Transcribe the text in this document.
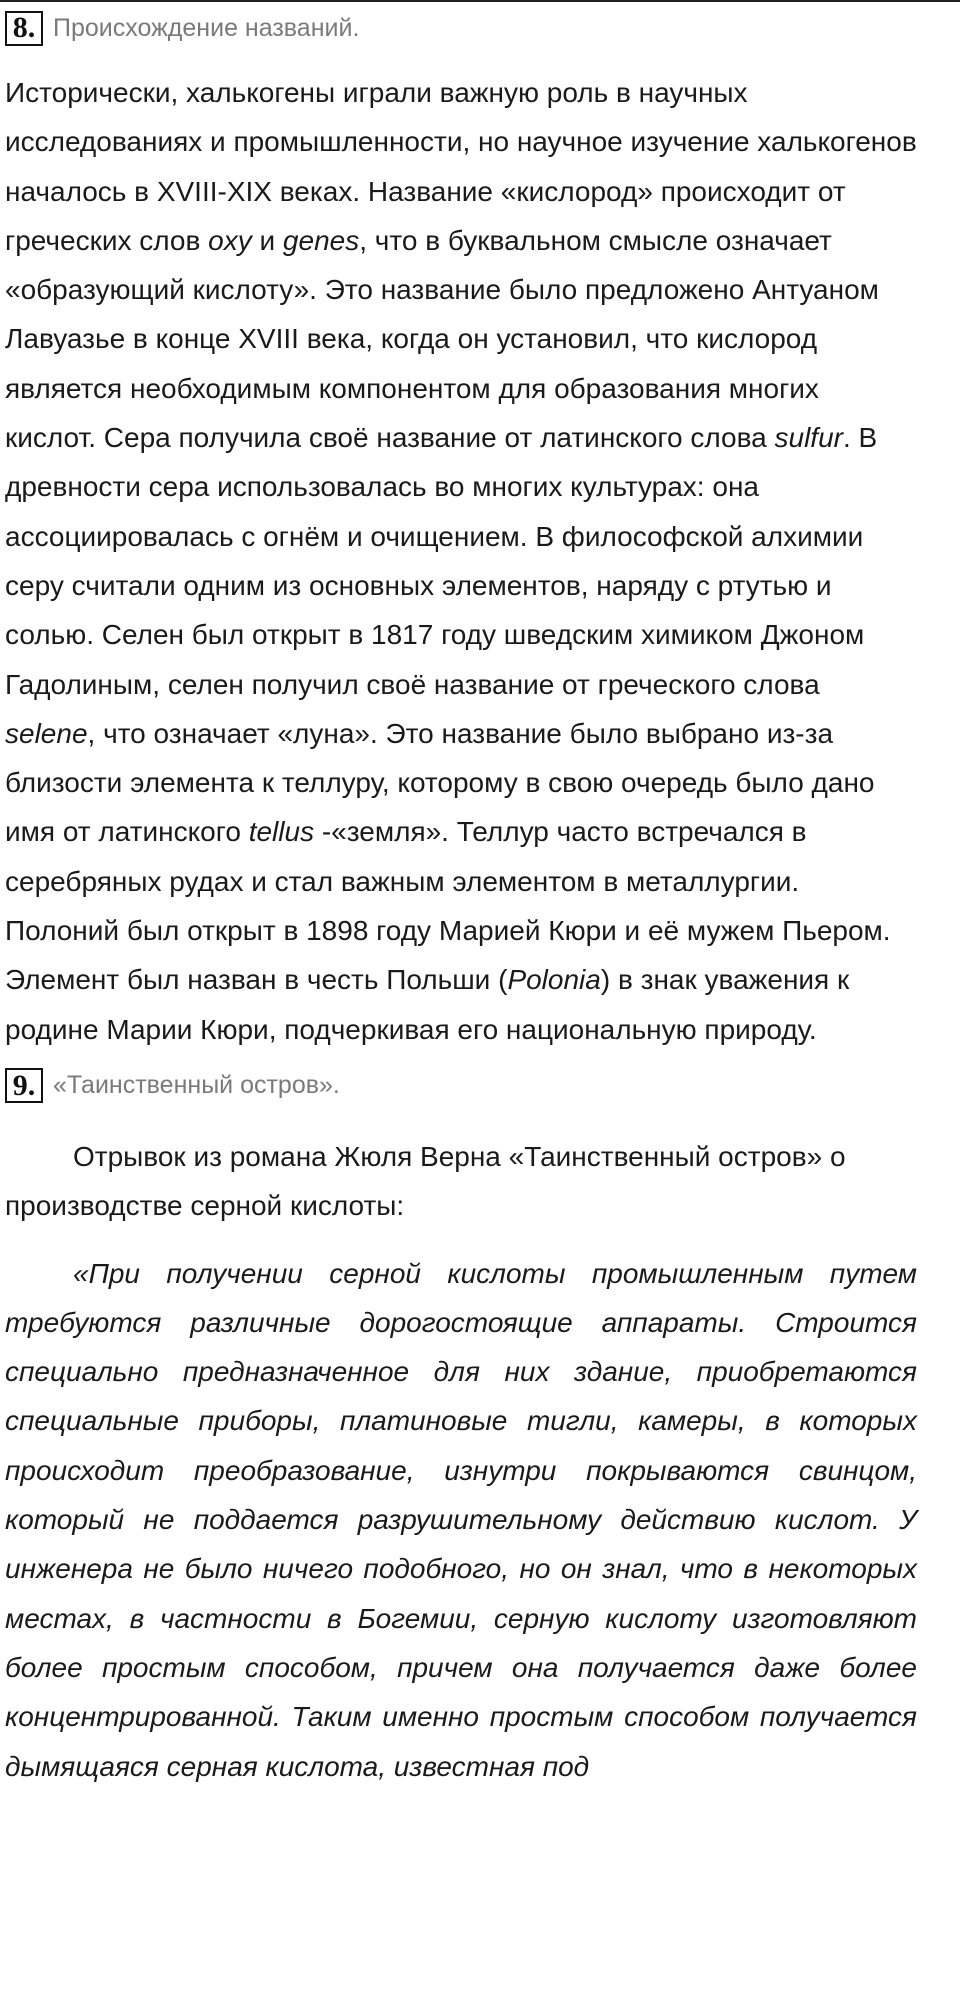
8. Происхождение названий.

Исторически, халькогены играли важную роль в научных исследованиях и промышленности, но научное изучение халькогенов началось в XVIII-XIX веках. Название «кислород» происходит от греческих слов oxy и genes, что в буквальном смысле означает «образующий кислоту». Это название было предложено Антуаном Лавуазье в конце XVIII века, когда он установил, что кислород является необходимым компонентом для образования многих кислот. Сера получила своё название от латинского слова sulfur. В древности сера использовалась во многих культурах: она ассоциировалась с огнём и очищением. В философской алхимии серу считали одним из основных элементов, наряду с ртутью и солью. Селен был открыт в 1817 году шведским химиком Джоном Гадолиным, селен получил своё название от греческого слова selene, что означает «луна». Это название было выбрано из-за близости элемента к теллуру, которому в свою очередь было дано имя от латинского tellus -«земля». Теллур часто встречался в серебряных рудах и стал важным элементом в металлургии. Полоний был открыт в 1898 году Марией Кюри и её мужем Пьером. Элемент был назван в честь Польши (Polonia) в знак уважения к родине Марии Кюри, подчеркивая его национальную природу.

9. «Таинственный остров».

Отрывок из романа Жюля Верна «Таинственный остров» о производстве серной кислоты:

«При получении серной кислоты промышленным путем требуются различные дорогостоящие аппараты. Строится специально предназначенное для них здание, приобретаются специальные приборы, платиновые тигли, камеры, в которых происходит преобразование, изнутри покрываются свинцом, который не поддается разрушительному действию кислот. У инженера не было ничего подобного, но он знал, что в некоторых местах, в частности в Богемии, серную кислоту изготовляют более простым способом, причем она получается даже более концентрированной. Таким именно простым способом получается дымящаяся серная кислота, известная под
